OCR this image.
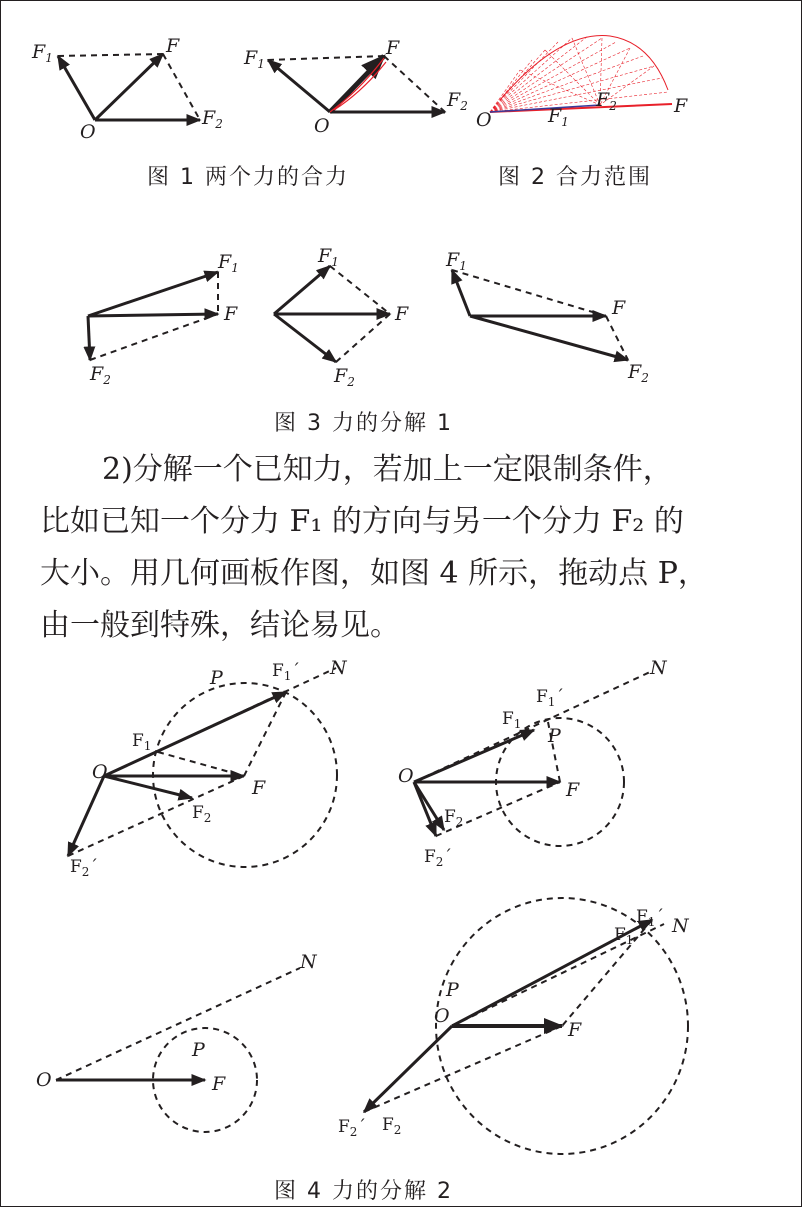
$F_1$
F
$F_2$
O
$F_1$
F
$F_2$
O	O	$F_1$
$F_2$	F
$F_1$
F
$F_2$
$F_1$
F
$F_2$
$F_1$
F
$F_2$
P	$F_1´$ N
$F_1$
O
F
$F_2$
$F_2´$
$F_1´$
N
$F_1$
P
O
F
$F_2$
$F_2´$
N
P
O	F
$F_1´$ N
$F_1$
P
O
F
$F_2´$ $F_2$
图 1 两个力的合力	图 2 合力范围
图 3 力的分解 1

2)分解一个已知力，若加上一定限制条件，

比如已知一个分力 F₁ 的方向与另一个分力 F₂ 的

大小。用几何画板作图，如图 4 所示，拖动点 P，

由一般到特殊，结论易见。

图 4 力的分解 2
